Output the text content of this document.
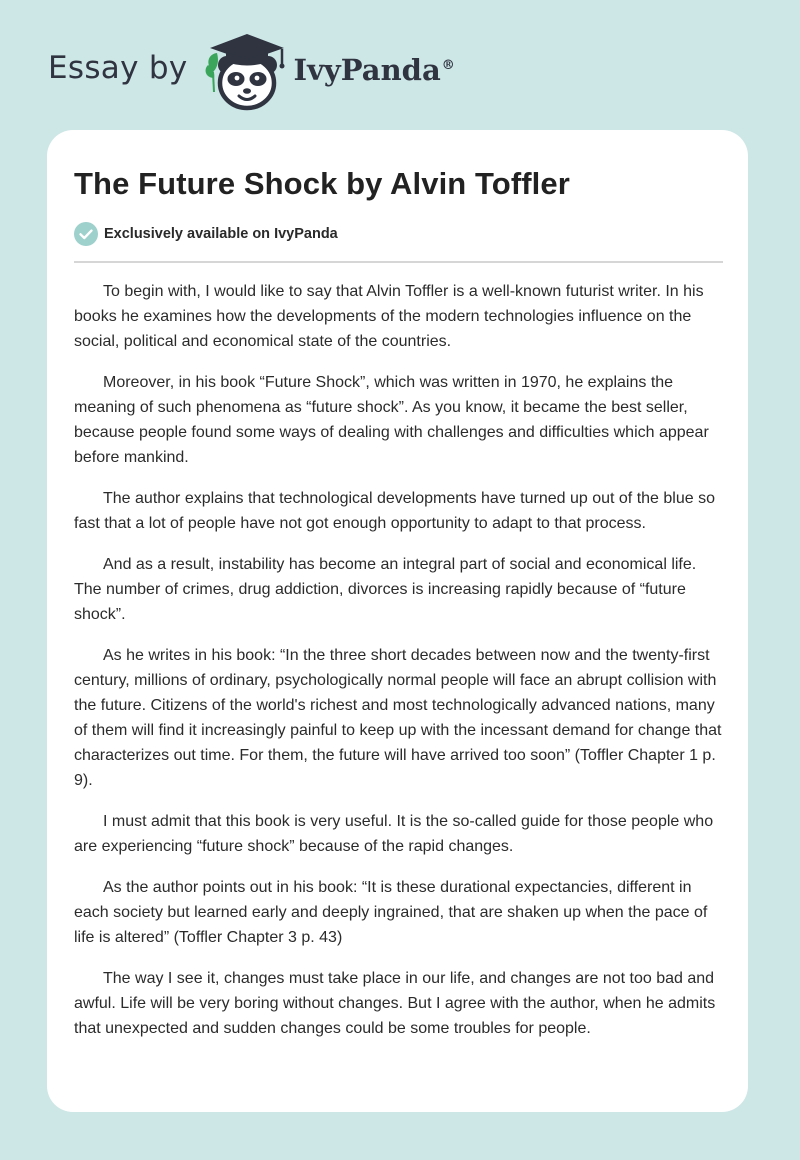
Essay by	IvyPanda®
The Future Shock by Alvin Toffler
Exclusively available on IvyPanda

To begin with, I would like to say that Alvin Toffler is a well-known futurist writer. In his books he examines how the developments of the modern technologies influence on the social, political and economical state of the countries.

Moreover, in his book “Future Shock”, which was written in 1970, he explains the meaning of such phenomena as “future shock”. As you know, it became the best seller, because people found some ways of dealing with challenges and difficulties which appear before mankind.

The author explains that technological developments have turned up out of the blue so fast that a lot of people have not got enough opportunity to adapt to that process.

And as a result, instability has become an integral part of social and economical life. The number of crimes, drug addiction, divorces is increasing rapidly because of “future shock”.

As he writes in his book: “In the three short decades between now and the twenty-first century, millions of ordinary, psychologically normal people will face an abrupt collision with the future. Citizens of the world's richest and most technologically advanced nations, many of them will find it increasingly painful to keep up with the incessant demand for change that characterizes out time. For them, the future will have arrived too soon” (Toffler Chapter 1 p. 9).

I must admit that this book is very useful. It is the so-called guide for those people who are experiencing “future shock” because of the rapid changes.

As the author points out in his book: “It is these durational expectancies, different in each society but learned early and deeply ingrained, that are shaken up when the pace of life is altered” (Toffler Chapter 3 p. 43)

The way I see it, changes must take place in our life, and changes are not too bad and awful. Life will be very boring without changes. But I agree with the author, when he admits that unexpected and sudden changes could be some troubles for people.
